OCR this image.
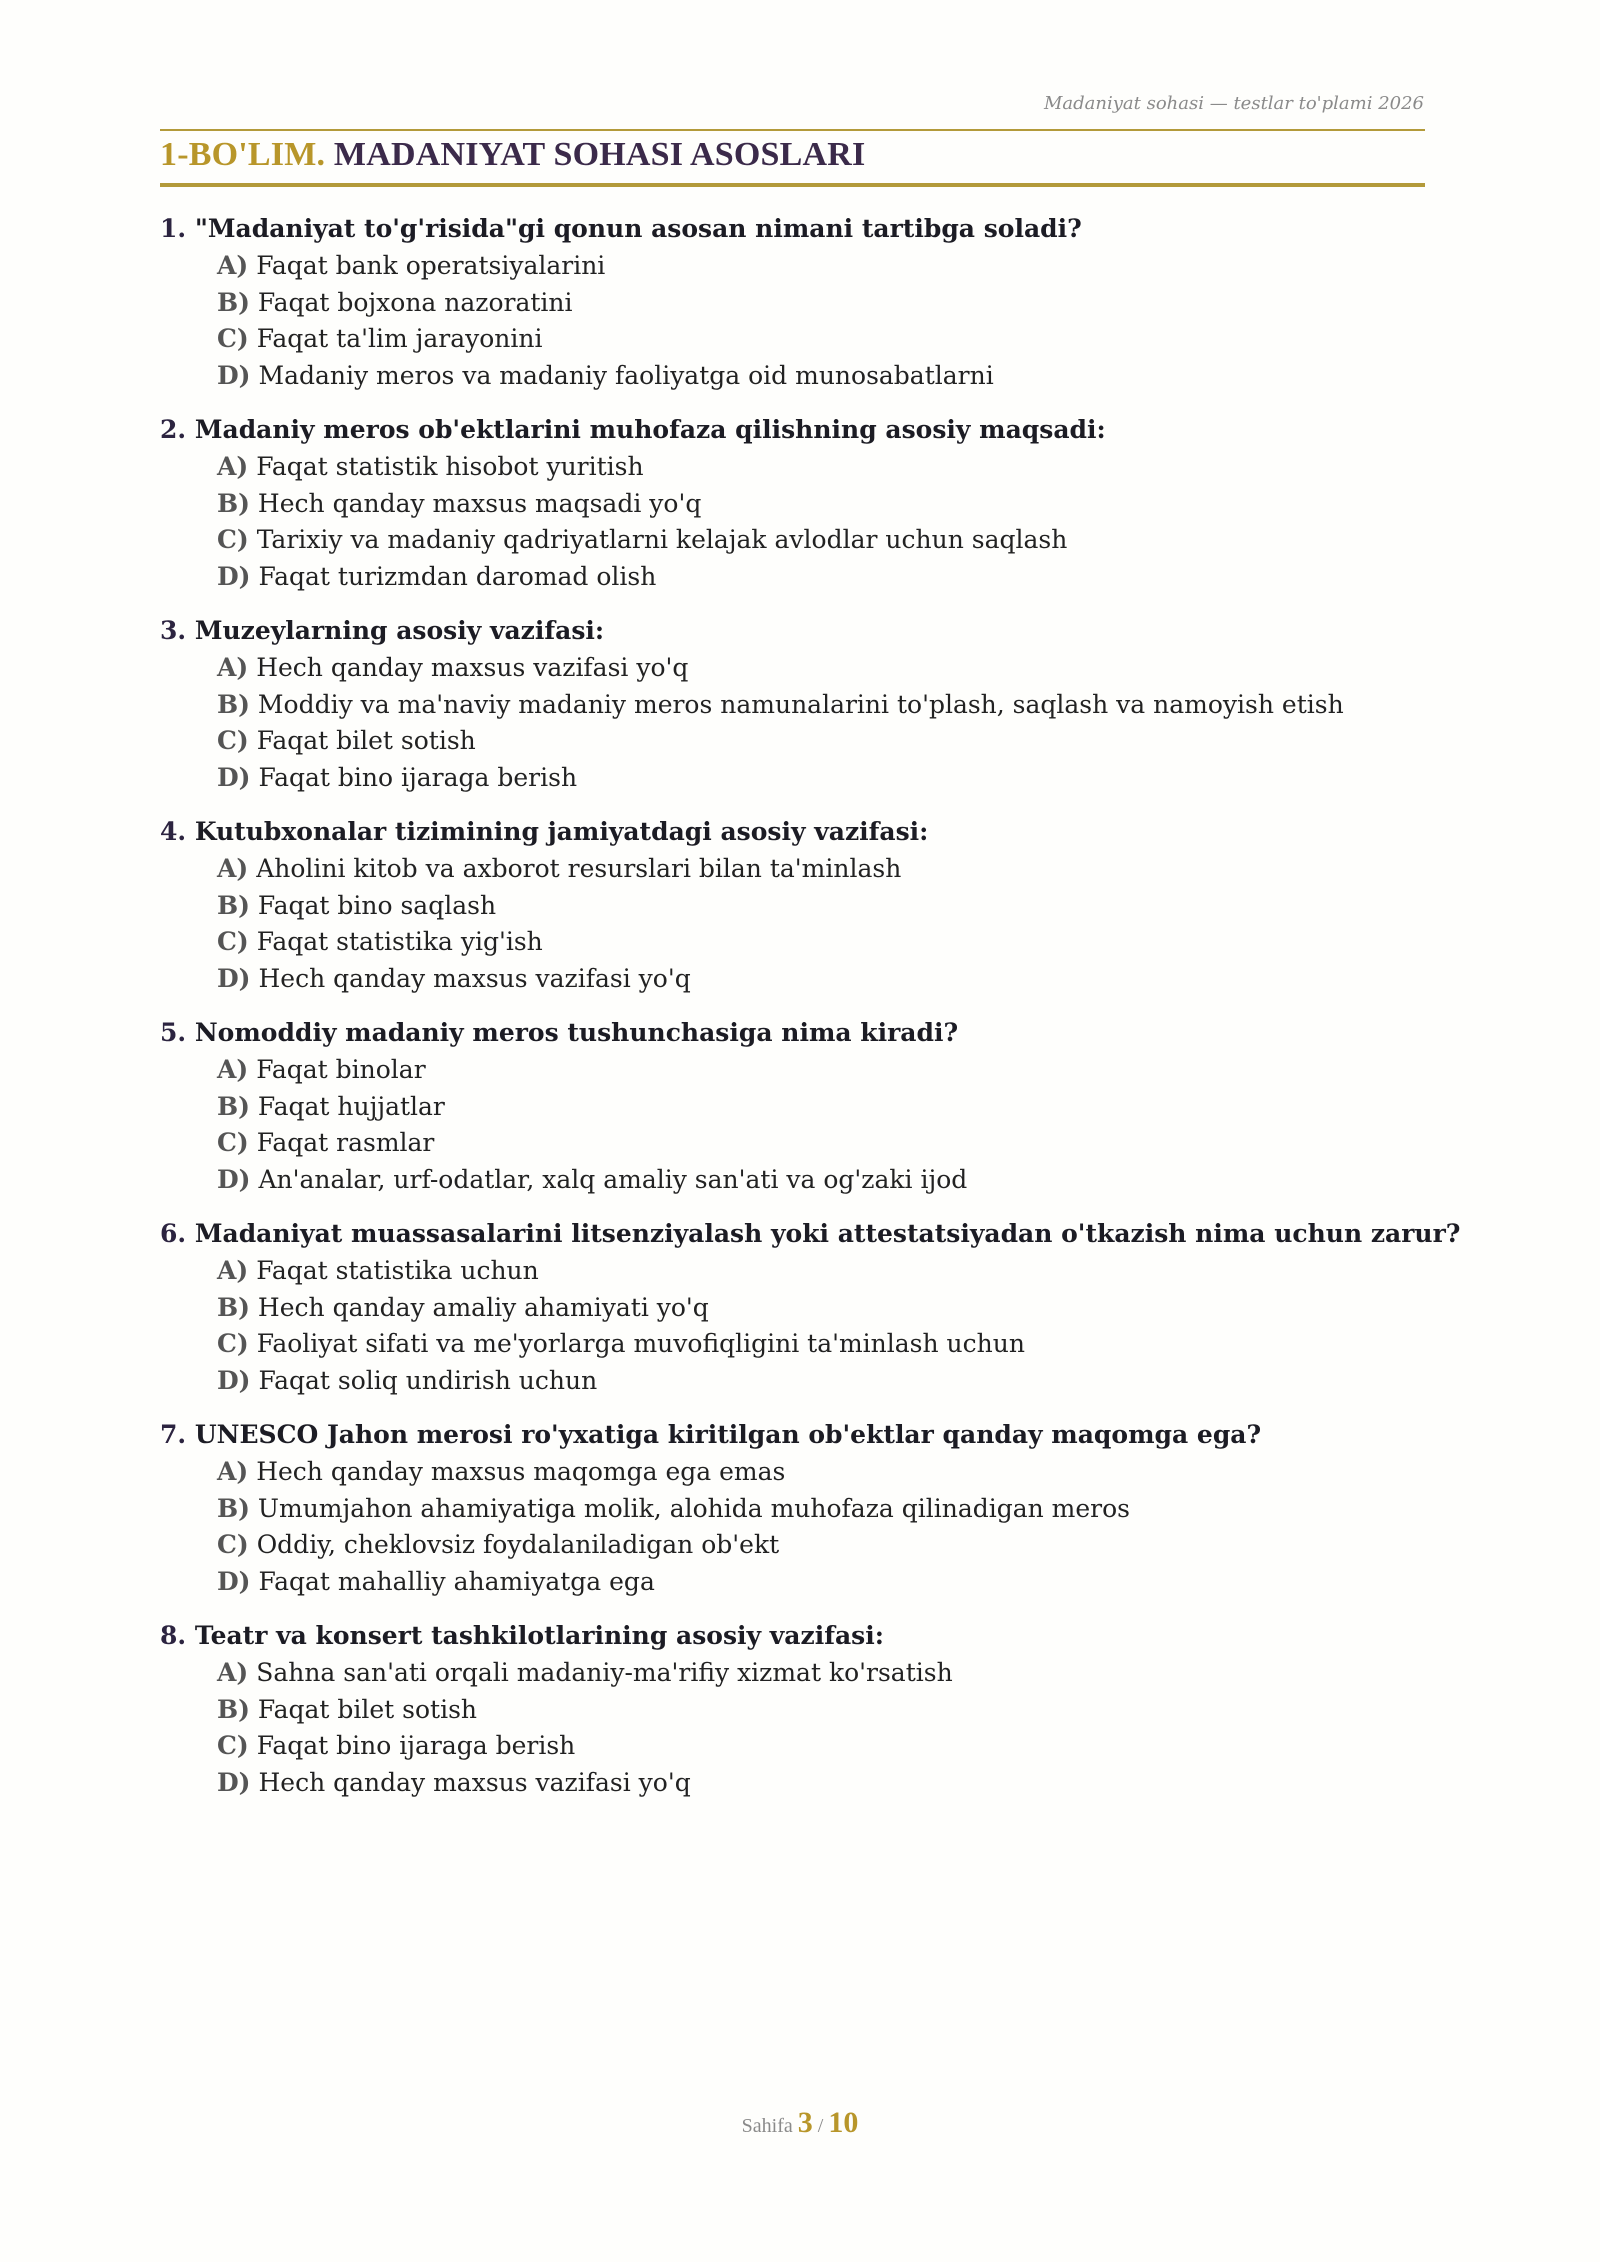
Madaniyat sohasi — testlar to'plami 2026
1-BO'LIM. MADANIYAT SOHASI ASOSLARI
1. "Madaniyat to'g'risida"gi qonun asosan nimani tartibga soladi?
A) Faqat bank operatsiyalarini
B) Faqat bojxona nazoratini
C) Faqat ta'lim jarayonini
D) Madaniy meros va madaniy faoliyatga oid munosabatlarni
2. Madaniy meros ob'ektlarini muhofaza qilishning asosiy maqsadi:
A) Faqat statistik hisobot yuritish
B) Hech qanday maxsus maqsadi yo'q
C) Tarixiy va madaniy qadriyatlarni kelajak avlodlar uchun saqlash
D) Faqat turizmdan daromad olish
3. Muzeylarning asosiy vazifasi:
A) Hech qanday maxsus vazifasi yo'q
B) Moddiy va ma'naviy madaniy meros namunalarini to'plash, saqlash va namoyish etish
C) Faqat bilet sotish
D) Faqat bino ijaraga berish
4. Kutubxonalar tizimining jamiyatdagi asosiy vazifasi:
A) Aholini kitob va axborot resurslari bilan ta'minlash
B) Faqat bino saqlash
C) Faqat statistika yig'ish
D) Hech qanday maxsus vazifasi yo'q
5. Nomoddiy madaniy meros tushunchasiga nima kiradi?
A) Faqat binolar
B) Faqat hujjatlar
C) Faqat rasmlar
D) An'analar, urf-odatlar, xalq amaliy san'ati va og'zaki ijod
6. Madaniyat muassasalarini litsenziyalash yoki attestatsiyadan o'tkazish nima uchun zarur?
A) Faqat statistika uchun
B) Hech qanday amaliy ahamiyati yo'q
C) Faoliyat sifati va me'yorlarga muvofiqligini ta'minlash uchun
D) Faqat soliq undirish uchun
7. UNESCO Jahon merosi ro'yxatiga kiritilgan ob'ektlar qanday maqomga ega?
A) Hech qanday maxsus maqomga ega emas
B) Umumjahon ahamiyatiga molik, alohida muhofaza qilinadigan meros
C) Oddiy, cheklovsiz foydalaniladigan ob'ekt
D) Faqat mahalliy ahamiyatga ega
8. Teatr va konsert tashkilotlarining asosiy vazifasi:
A) Sahna san'ati orqali madaniy-ma'rifiy xizmat ko'rsatish
B) Faqat bilet sotish
C) Faqat bino ijaraga berish
D) Hech qanday maxsus vazifasi yo'q
Sahifa 3 / 10
